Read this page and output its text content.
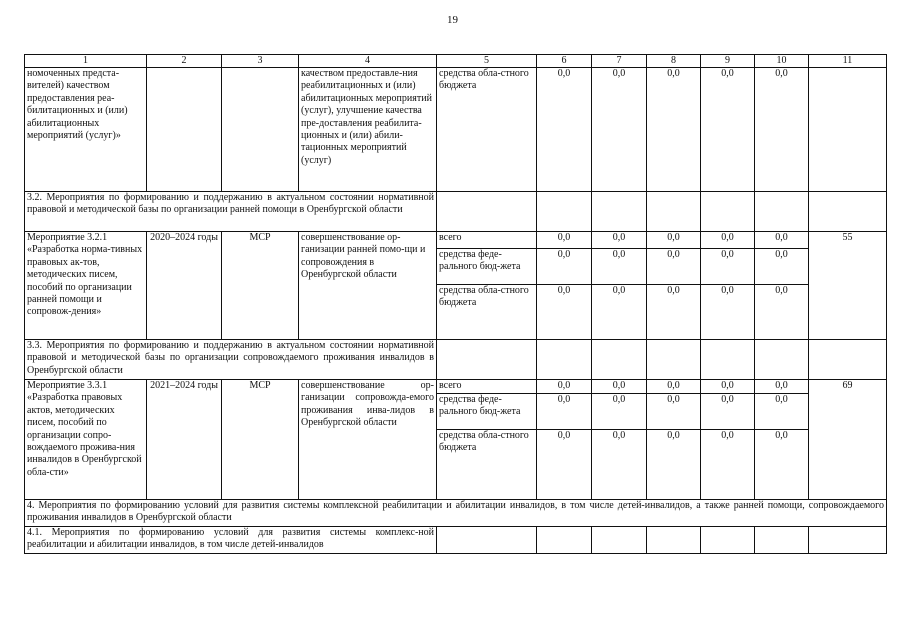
19
1	2	3	4	5	6	7	8	9	10	11
номоченных предста-вителей) качеством предоставления реа-билитационных и (или) абилитационных мероприятий (услуг)»			качеством предоставле-ния реабилитационных и (или) абилитационных мероприятий (услуг), улучшение качества пре-доставления реабилита-ционных и (или) абили-тационных мероприятий (услуг)	средства обла-стного бюджета	0,0	0,0	0,0	0,0	0,0	
3.2. Мероприятия по формированию и поддержанию в актуальном состоянии нормативной правовой и методической базы по организации ранней помощи в Оренбургской области										
Мероприятие 3.2.1 «Разработка норма-тивных правовых ак-тов, методических писем, пособий по организации ранней помощи и сопровож-дения»	2020–2024 годы	МСР	совершенствование ор-ганизации ранней помо-щи и сопровождения в Оренбургской области	всего	0,0	0,0	0,0	0,0	0,0	55
				средства феде-рального бюд-жета	0,0	0,0	0,0	0,0	0,0	
				средства обла-стного бюджета	0,0	0,0	0,0	0,0	0,0	
3.3. Мероприятия по формированию и поддержанию в актуальном состоянии нормативной правовой и методической базы по организации сопровождаемого проживания инвалидов в Оренбургской области										
Мероприятие 3.3.1 «Разработка правовых актов, методических писем, пособий по организации сопро-вождаемого прожива-ния инвалидов в Оренбургской обла-сти»	2021–2024 годы	МСР	совершенствование ор-ганизации сопровожда-емого проживания инва-лидов в Оренбургской области	всего	0,0	0,0	0,0	0,0	0,0	69
				средства феде-рального бюд-жета	0,0	0,0	0,0	0,0	0,0	
				средства обла-стного бюджета	0,0	0,0	0,0	0,0	0,0	
4. Мероприятия по формированию условий для развития системы комплексной реабилитации и абилитации инвалидов, в том числе детей-инвалидов, а также ранней помощи, сопровождаемого проживания инвалидов в Оренбургской области										
4.1. Мероприятия по формированию условий для развития системы комплекс-ной реабилитации и абилитации инвалидов, в том числе детей-инвалидов										
